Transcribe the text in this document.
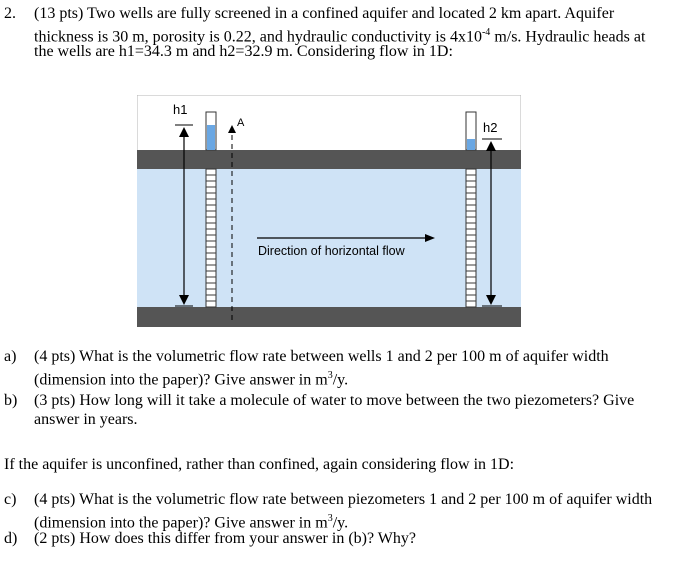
2. (13 pts) Two wells are fully screened in a confined aquifer and located 2 km apart. Aquifer
thickness is 30 m, porosity is 0.22, and hydraulic conductivity is $4x10^{-4}$ m/s. Hydraulic heads at
the wells are h1=34.3 m and h2=32.9 m. Considering flow in 1D:
h1
A	h2
Direction of horizontal flow
a) (4 pts) What is the volumetric flow rate between wells 1 and 2 per 100 m of aquifer width
(dimension into the paper)? Give answer in $m^3/y$.
b) (3 pts) How long will it take a molecule of water to move between the two piezometers? Give
answer in years.
If the aquifer is unconfined, rather than confined, again considering flow in 1D:
c) (4 pts) What is the volumetric flow rate between piezometers 1 and 2 per 100 m of aquifer width
(dimension into the paper)? Give answer in $m^3/y$.
d) (2 pts) How does this differ from your answer in (b)? Why?
